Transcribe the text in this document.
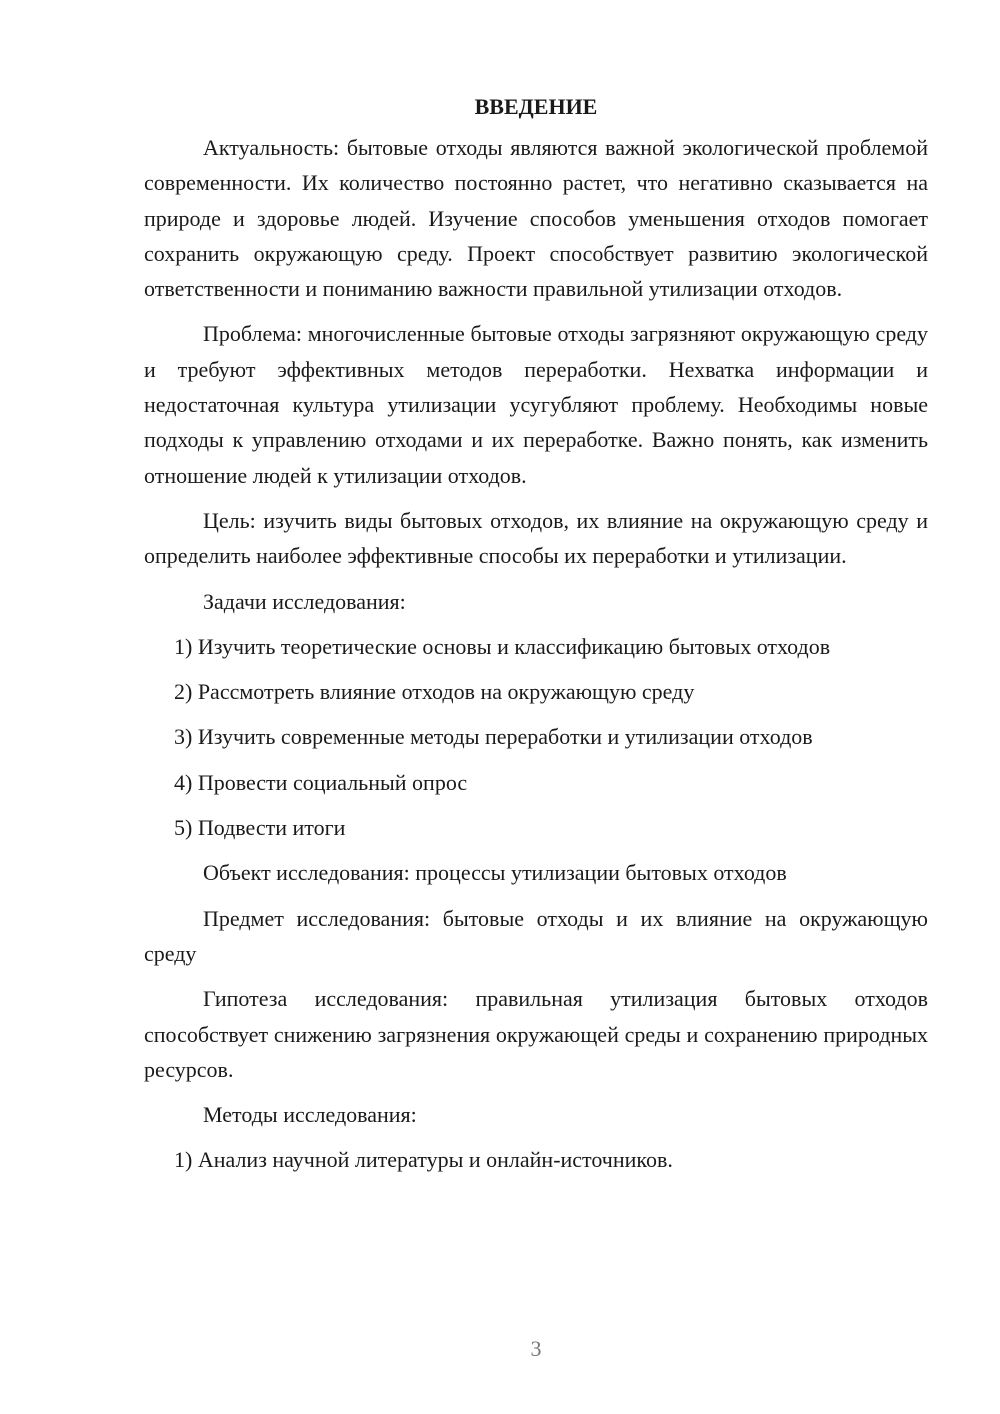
ВВЕДЕНИЕ

Актуальность: бытовые отходы являются важной экологической проблемой современности. Их количество постоянно растет, что негативно сказывается на природе и здоровье людей. Изучение способов уменьшения отходов помогает сохранить окружающую среду. Проект способствует развитию экологической ответственности и пониманию важности правильной утилизации отходов.

Проблема: многочисленные бытовые отходы загрязняют окружающую среду и требуют эффективных методов переработки. Нехватка информации и недостаточная культура утилизации усугубляют проблему. Необходимы новые подходы к управлению отходами и их переработке. Важно понять, как изменить отношение людей к утилизации отходов.

Цель: изучить виды бытовых отходов, их влияние на окружающую среду и определить наиболее эффективные способы их переработки и утилизации.

Задачи исследования:

1) Изучить теоретические основы и классификацию бытовых отходов
2) Рассмотреть влияние отходов на окружающую среду
3) Изучить современные методы переработки и утилизации отходов
4) Провести социальный опрос
5) Подвести итоги

Объект исследования: процессы утилизации бытовых отходов

Предмет исследования: бытовые отходы и их влияние на окружающую среду

Гипотеза исследования: правильная утилизация бытовых отходов способствует снижению загрязнения окружающей среды и сохранению природных ресурсов.

Методы исследования:

1) Анализ научной литературы и онлайн-источников.
3
